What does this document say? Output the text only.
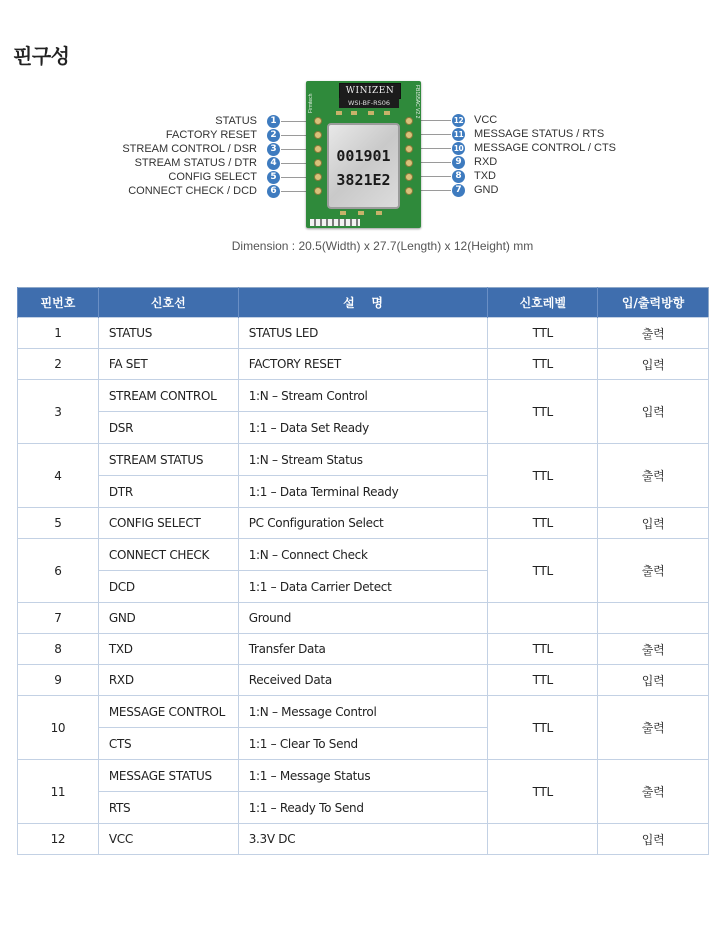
핀구성
STATUS	1
FACTORY RESET	2
STREAM CONTROL / DSR	3
STREAM STATUS / DTR	4
CONFIG SELECT	5
CONNECT CHECK / DCD	6
12 VCC
11 MESSAGE STATUS / RTS
10 MESSAGE CONTROL / CTS
9	RXD
8	TXD
7	GND
WINIZEN
WSI-BF-RS06
Firmtech	FB155AC V2.2
001901
3821E2
Dimension : 20.5(Width) x 27.7(Length) x 12(Height) mm
핀번호	신호선	설    명	신호레벨	입/출력방향
1	STATUS	STATUS LED	TTL	출력
2	FA SET	FACTORY RESET	TTL	입력
3	STREAM CONTROL	1:N – Stream Control	TTL	입력
	DSR	1:1 – Data Set Ready		
4	STREAM STATUS	1:N – Stream Status	TTL	출력
	DTR	1:1 – Data Terminal Ready		
5	CONFIG SELECT	PC Configuration Select	TTL	입력
6	CONNECT CHECK	1:N – Connect Check	TTL	출력
	DCD	1:1 – Data Carrier Detect		
7	GND	Ground		
8	TXD	Transfer Data	TTL	출력
9	RXD	Received Data	TTL	입력
10	MESSAGE CONTROL	1:N – Message Control	TTL	출력
	CTS	1:1 – Clear To Send		
11	MESSAGE STATUS	1:1 – Message Status	TTL	출력
	RTS	1:1 – Ready To Send		
12	VCC	3.3V DC		입력
